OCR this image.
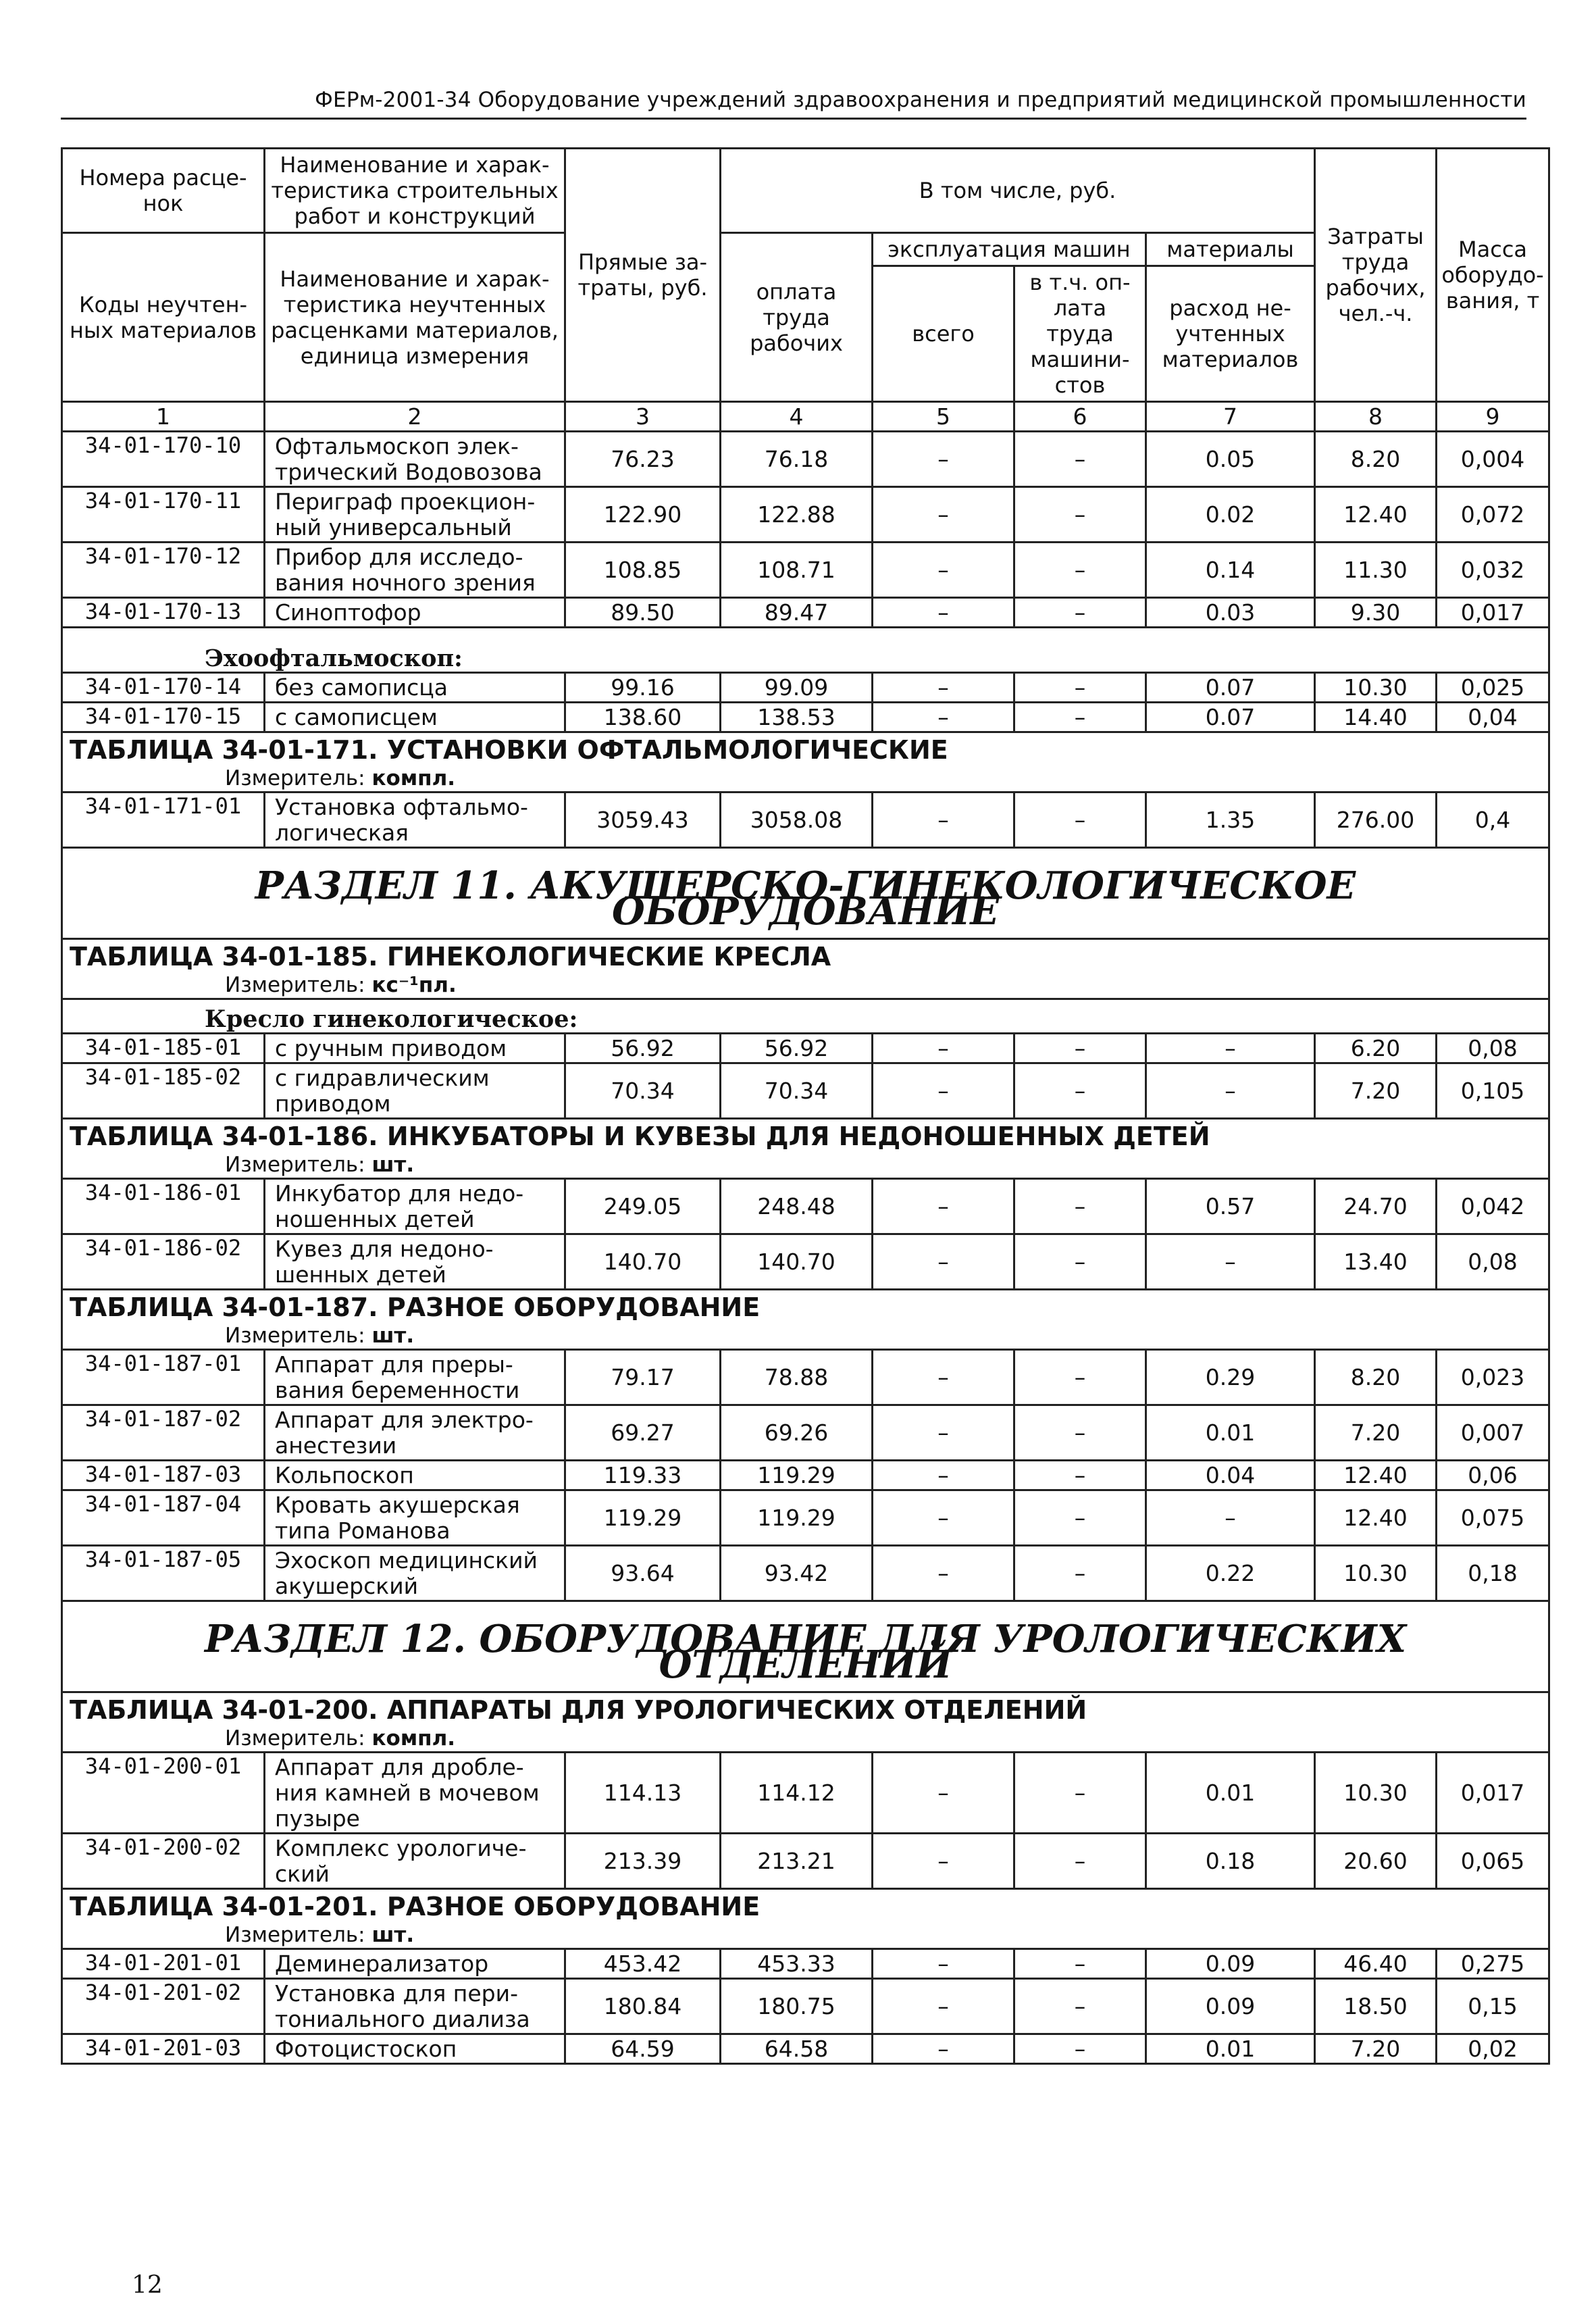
ФЕРм-2001-34 Оборудование учреждений здравоохранения и предприятий медицинской промышленности
Номера расце-нок	Наименование и харак-теристика строительных работ и конструкций	Прямые за-траты, руб.	В том числе, руб.				Затраты труда рабочих, чел.-ч.	Масса оборудо-вания, т
Коды неучтен-ных материалов	Наименование и харак-теристика неучтенных расценками материалов, единица измерения		оплата труда рабочих	эксплуатация машин		материалы		
				всего	в т.ч. оп-лата труда машини-стов	расход не-учтенных материалов		
1	2	3	4	5	6	7	8	9
34-01-170-10	Офтальмоскоп элек-трический Водовозова	76.23	76.18	–	–	0.05	8.20	0,004
34-01-170-11	Периграф проекцион-ный универсальный	122.90	122.88	–	–	0.02	12.40	0,072
34-01-170-12	Прибор для исследо-вания ночного зрения	108.85	108.71	–	–	0.14	11.30	0,032
34-01-170-13	Синоптофор	89.50	89.47	–	–	0.03	9.30	0,017

Эхоофтальмоскоп:								

34-01-170-14	без самописца	99.16	99.09	–	–	0.07	10.30	0,025
34-01-170-15	с самописцем	138.60	138.53	–	–	0.07	14.40	0,04

ТАБЛИЦА 34-01-171. УСТАНОВКИ ОФТАЛЬМОЛОГИЧЕСКИЕ
Измеритель: компл.								

34-01-171-01	Установка офтальмо-логическая	3059.43	3058.08	–	–	1.35	276.00	0,4

РАЗДЕЛ 11. АКУШЕРСКО-ГИНЕКОЛОГИЧЕСКОЕ ОБОРУДОВАНИЕ								

ТАБЛИЦА 34-01-185. ГИНЕКОЛОГИЧЕСКИЕ КРЕСЛА
Измеритель: кс⁻¹пл.								

Кресло гинекологическое:								

34-01-185-01	с ручным приводом	56.92	56.92	–	–	–	6.20	0,08
34-01-185-02	с гидравлическим приводом	70.34	70.34	–	–	–	7.20	0,105

ТАБЛИЦА 34-01-186. ИНКУБАТОРЫ И КУВЕЗЫ ДЛЯ НЕДОНОШЕННЫХ ДЕТЕЙ
Измеритель: шт.								

34-01-186-01	Инкубатор для недо-ношенных детей	249.05	248.48	–	–	0.57	24.70	0,042
34-01-186-02	Кувез для недоно-шенных детей	140.70	140.70	–	–	–	13.40	0,08

ТАБЛИЦА 34-01-187. РАЗНОЕ ОБОРУДОВАНИЕ
Измеритель: шт.								

34-01-187-01	Аппарат для преры-вания беременности	79.17	78.88	–	–	0.29	8.20	0,023
34-01-187-02	Аппарат для электро-анестезии	69.27	69.26	–	–	0.01	7.20	0,007
34-01-187-03	Кольпоскоп	119.33	119.29	–	–	0.04	12.40	0,06
34-01-187-04	Кровать акушерская типа Романова	119.29	119.29	–	–	–	12.40	0,075
34-01-187-05	Эхоскоп медицинский акушерский	93.64	93.42	–	–	0.22	10.30	0,18

РАЗДЕЛ 12. ОБОРУДОВАНИЕ ДЛЯ УРОЛОГИЧЕСКИХ ОТДЕЛЕНИЙ								

ТАБЛИЦА 34-01-200. АППАРАТЫ ДЛЯ УРОЛОГИЧЕСКИХ ОТДЕЛЕНИЙ
Измеритель: компл.								

34-01-200-01	Аппарат для дробле-ния камней в мочевом пузыре	114.13	114.12	–	–	0.01	10.30	0,017
34-01-200-02	Комплекс урологиче-ский	213.39	213.21	–	–	0.18	20.60	0,065

ТАБЛИЦА 34-01-201. РАЗНОЕ ОБОРУДОВАНИЕ
Измеритель: шт.								

34-01-201-01	Деминерализатор	453.42	453.33	–	–	0.09	46.40	0,275
34-01-201-02	Установка для пери-тониального диализа	180.84	180.75	–	–	0.09	18.50	0,15
34-01-201-03	Фотоцистоскоп	64.59	64.58	–	–	0.01	7.20	0,02
12
